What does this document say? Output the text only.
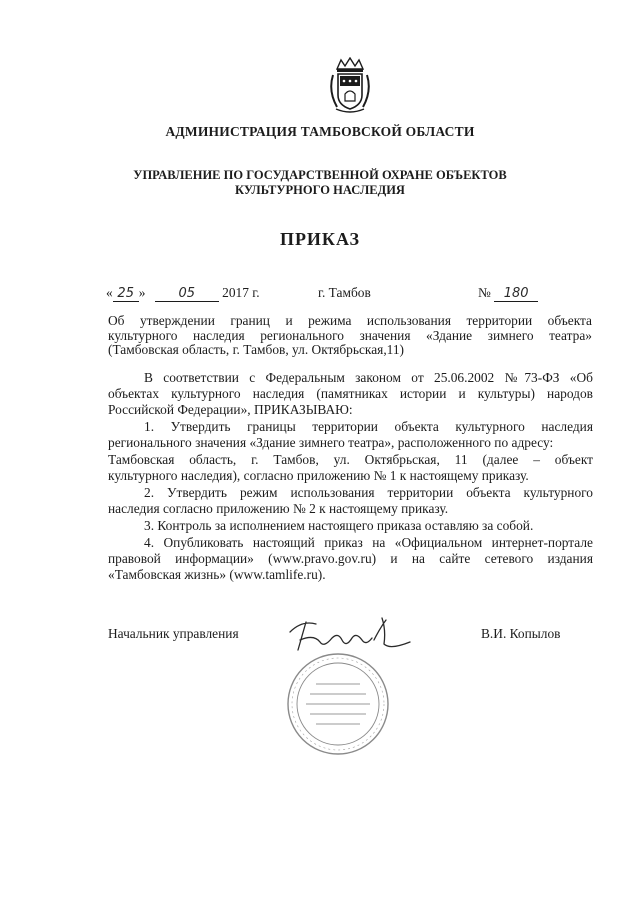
АДМИНИСТРАЦИЯ ТАМБОВСКОЙ ОБЛАСТИ
УПРАВЛЕНИЕ ПО ГОСУДАРСТВЕННОЙ ОХРАНЕ ОБЪЕКТОВ
КУЛЬТУРНОГО НАСЛЕДИЯ
ПРИКАЗ
« 25 »	05 2017 г.	г. Тамбов	№ 180
Об утверждении границ и режима использования территории объекта
культурного наследия регионального значения «Здание зимнего театра»
(Тамбовская область, г. Тамбов, ул. Октябрьская,11)
В соответствии с Федеральным законом от 25.06.2002 №73-ФЗ «Об
объектах культурного наследия (памятниках истории и культуры) народов
Российской Федерации», ПРИКАЗЫВАЮ:
1. Утвердить границы территории объекта культурного наследия
регионального значения «Здание зимнего театра», расположенного по адресу:
Тамбовская область, г. Тамбов, ул. Октябрьская, 11 (далее – объект
культурного наследия), согласно приложению № 1 к настоящему приказу.
2. Утвердить режим использования территории объекта культурного
наследия согласно приложению № 2 к настоящему приказу.
3. Контроль за исполнением настоящего приказа оставляю за собой.
4. Опубликовать настоящий приказ на «Официальном интернет-портале
правовой информации» (www.pravo.gov.ru) и на сайте сетевого издания
«Тамбовская жизнь» (www.tamlife.ru).
Начальник управления	В.И. Копылов
